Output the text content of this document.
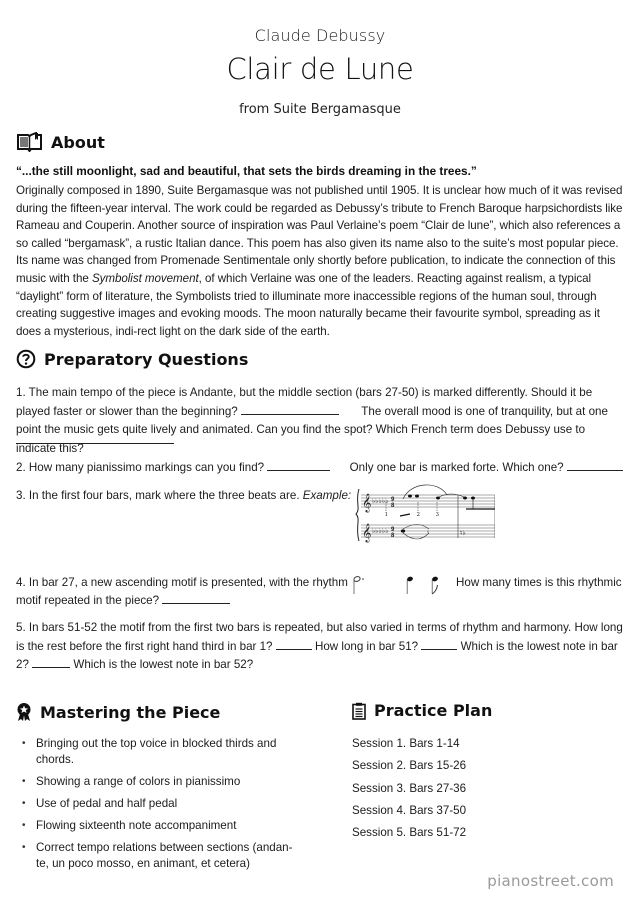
Claude Debussy
Clair de Lune
from Suite Bergamasque
About
“...the still moonlight, sad and beautiful, that sets the birds dreaming in the trees.”
Originally composed in 1890, Suite Bergamasque was not published until 1905. It is unclear how much of it was revised during the fifteen-year interval. The work could be regarded as Debussy’s tribute to French Baroque harpsichordists like Rameau and Couperin. Another source of inspiration was Paul Verlaine’s poem “Clair de lune”, which also references a so called “bergamask”, a rustic Italian dance. This poem has also given its name also to the suite’s most popular piece. Its name was changed from Promenade Sentimentale only shortly before publication, to indicate the connection of this music with the Symbolist movement, of which Verlaine was one of the leaders. Reacting against realism, a typical “daylight” form of literature, the Symbolists tried to illuminate more inaccessible regions of the human soul, through creating suggestive images and evoking moods. The moon naturally became their favourite symbol, spreading as it does a mysterious, indi-rect light on the dark side of the earth.
Preparatory Questions
1. The main tempo of the piece is Andante, but the middle section (bars 27-50) is marked differently. Should it be played faster or slower than the beginning?	The overall mood is one of tranquility, but at one point the music gets quite lively and animated. Can you find the spot? Which French term does Debussy use to indicate this?
2. How many pianissimo markings can you find?	Only one bar is marked forte. Which one?
3. In the first four bars, mark where the three beats are. Example: 𝄞
𝄞
♭♭♭♭♭
♭♭♭♭♭
9
8
9
8	♮	♮♭
1	2	3
4. In bar 27, a new ascending motif is presented, with the rhythm	How many times is this rhythmic
motif repeated in the piece?
5. In bars 51-52 the motif from the first two bars is repeated, but also varied in terms of rhythm and harmony. How long is the rest before the first right hand third in bar 1?	How long in bar 51?	Which is the lowest note in bar 2?	Which is the lowest note in bar 52?
Mastering the Piece
• Bringing out the top voice in blocked thirds and chords.
• Showing a range of colors in pianissimo
• Use of pedal and half pedal
• Flowing sixteenth note accompaniment
• Correct tempo relations between sections (andan-te, un poco mosso, en animant, et cetera)
Practice Plan
Session 1. Bars 1-14
Session 2. Bars 15-26
Session 3. Bars 27-36
Session 4. Bars 37-50
Session 5. Bars 51-72
pianostreet.com
